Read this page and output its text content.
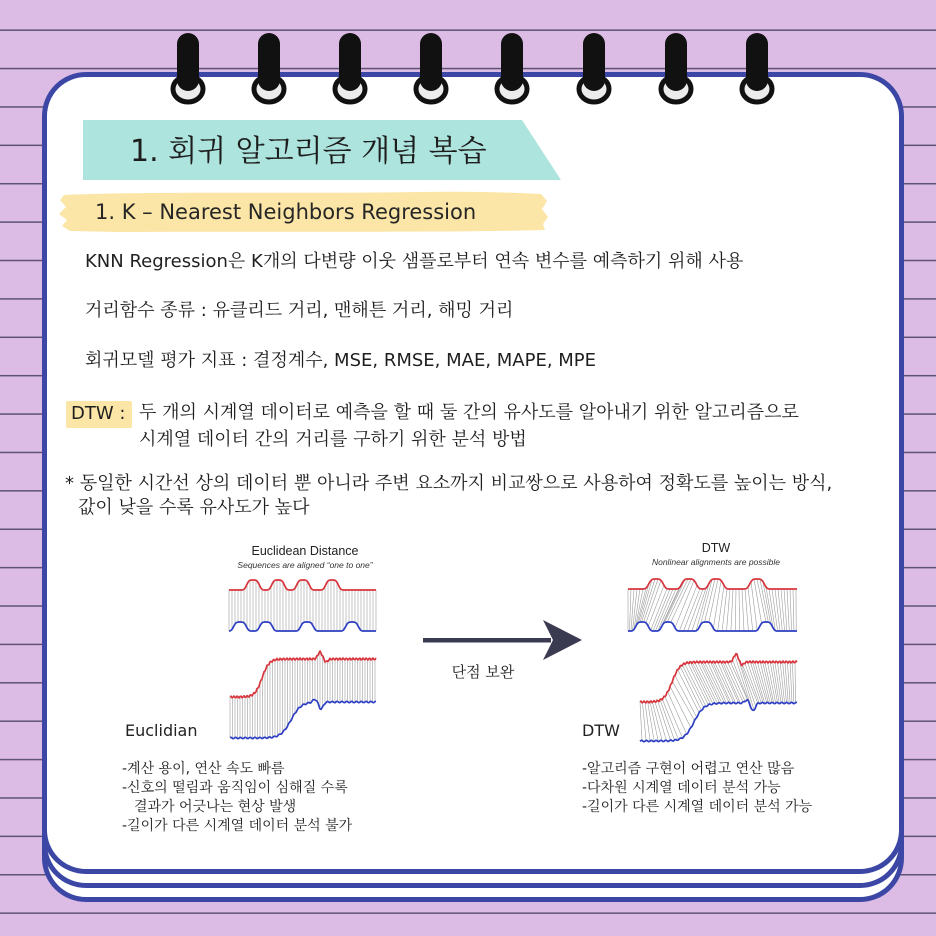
1. 회귀 알고리즘 개념 복습
1. K – Nearest Neighbors Regression
KNN Regression은 K개의 다변량 이웃 샘플로부터 연속 변수를 예측하기 위해 사용
거리함수 종류 : 유클리드 거리, 맨해튼 거리, 해밍 거리
회귀모델 평가 지표 : 결정계수, MSE, RMSE, MAE, MAPE, MPE
DTW : 두 개의 시계열 데이터로 예측을 할 때 둘 간의 유사도를 알아내기 위한 알고리즘으로
시계열 데이터 간의 거리를 구하기 위한 분석 방법
* 동일한 시간선 상의 데이터 뿐 아니라 주변 요소까지 비교쌍으로 사용하여 정확도를 높이는 방식,
값이 낮을 수록 유사도가 높다
Euclidean Distance
Sequences are aligned “one to one”
Euclidian
단점 보완
DTW
Nonlinear alignments are possible
DTW
-계산 용이, 연산 속도 빠름
-신호의 떨림과 움직임이 심해질 수록
결과가 어긋나는 현상 발생
-길이가 다른 시계열 데이터 분석 불가
-알고리즘 구현이 어렵고 연산 많음
-다차원 시계열 데이터 분석 가능
-길이가 다른 시계열 데이터 분석 가능
